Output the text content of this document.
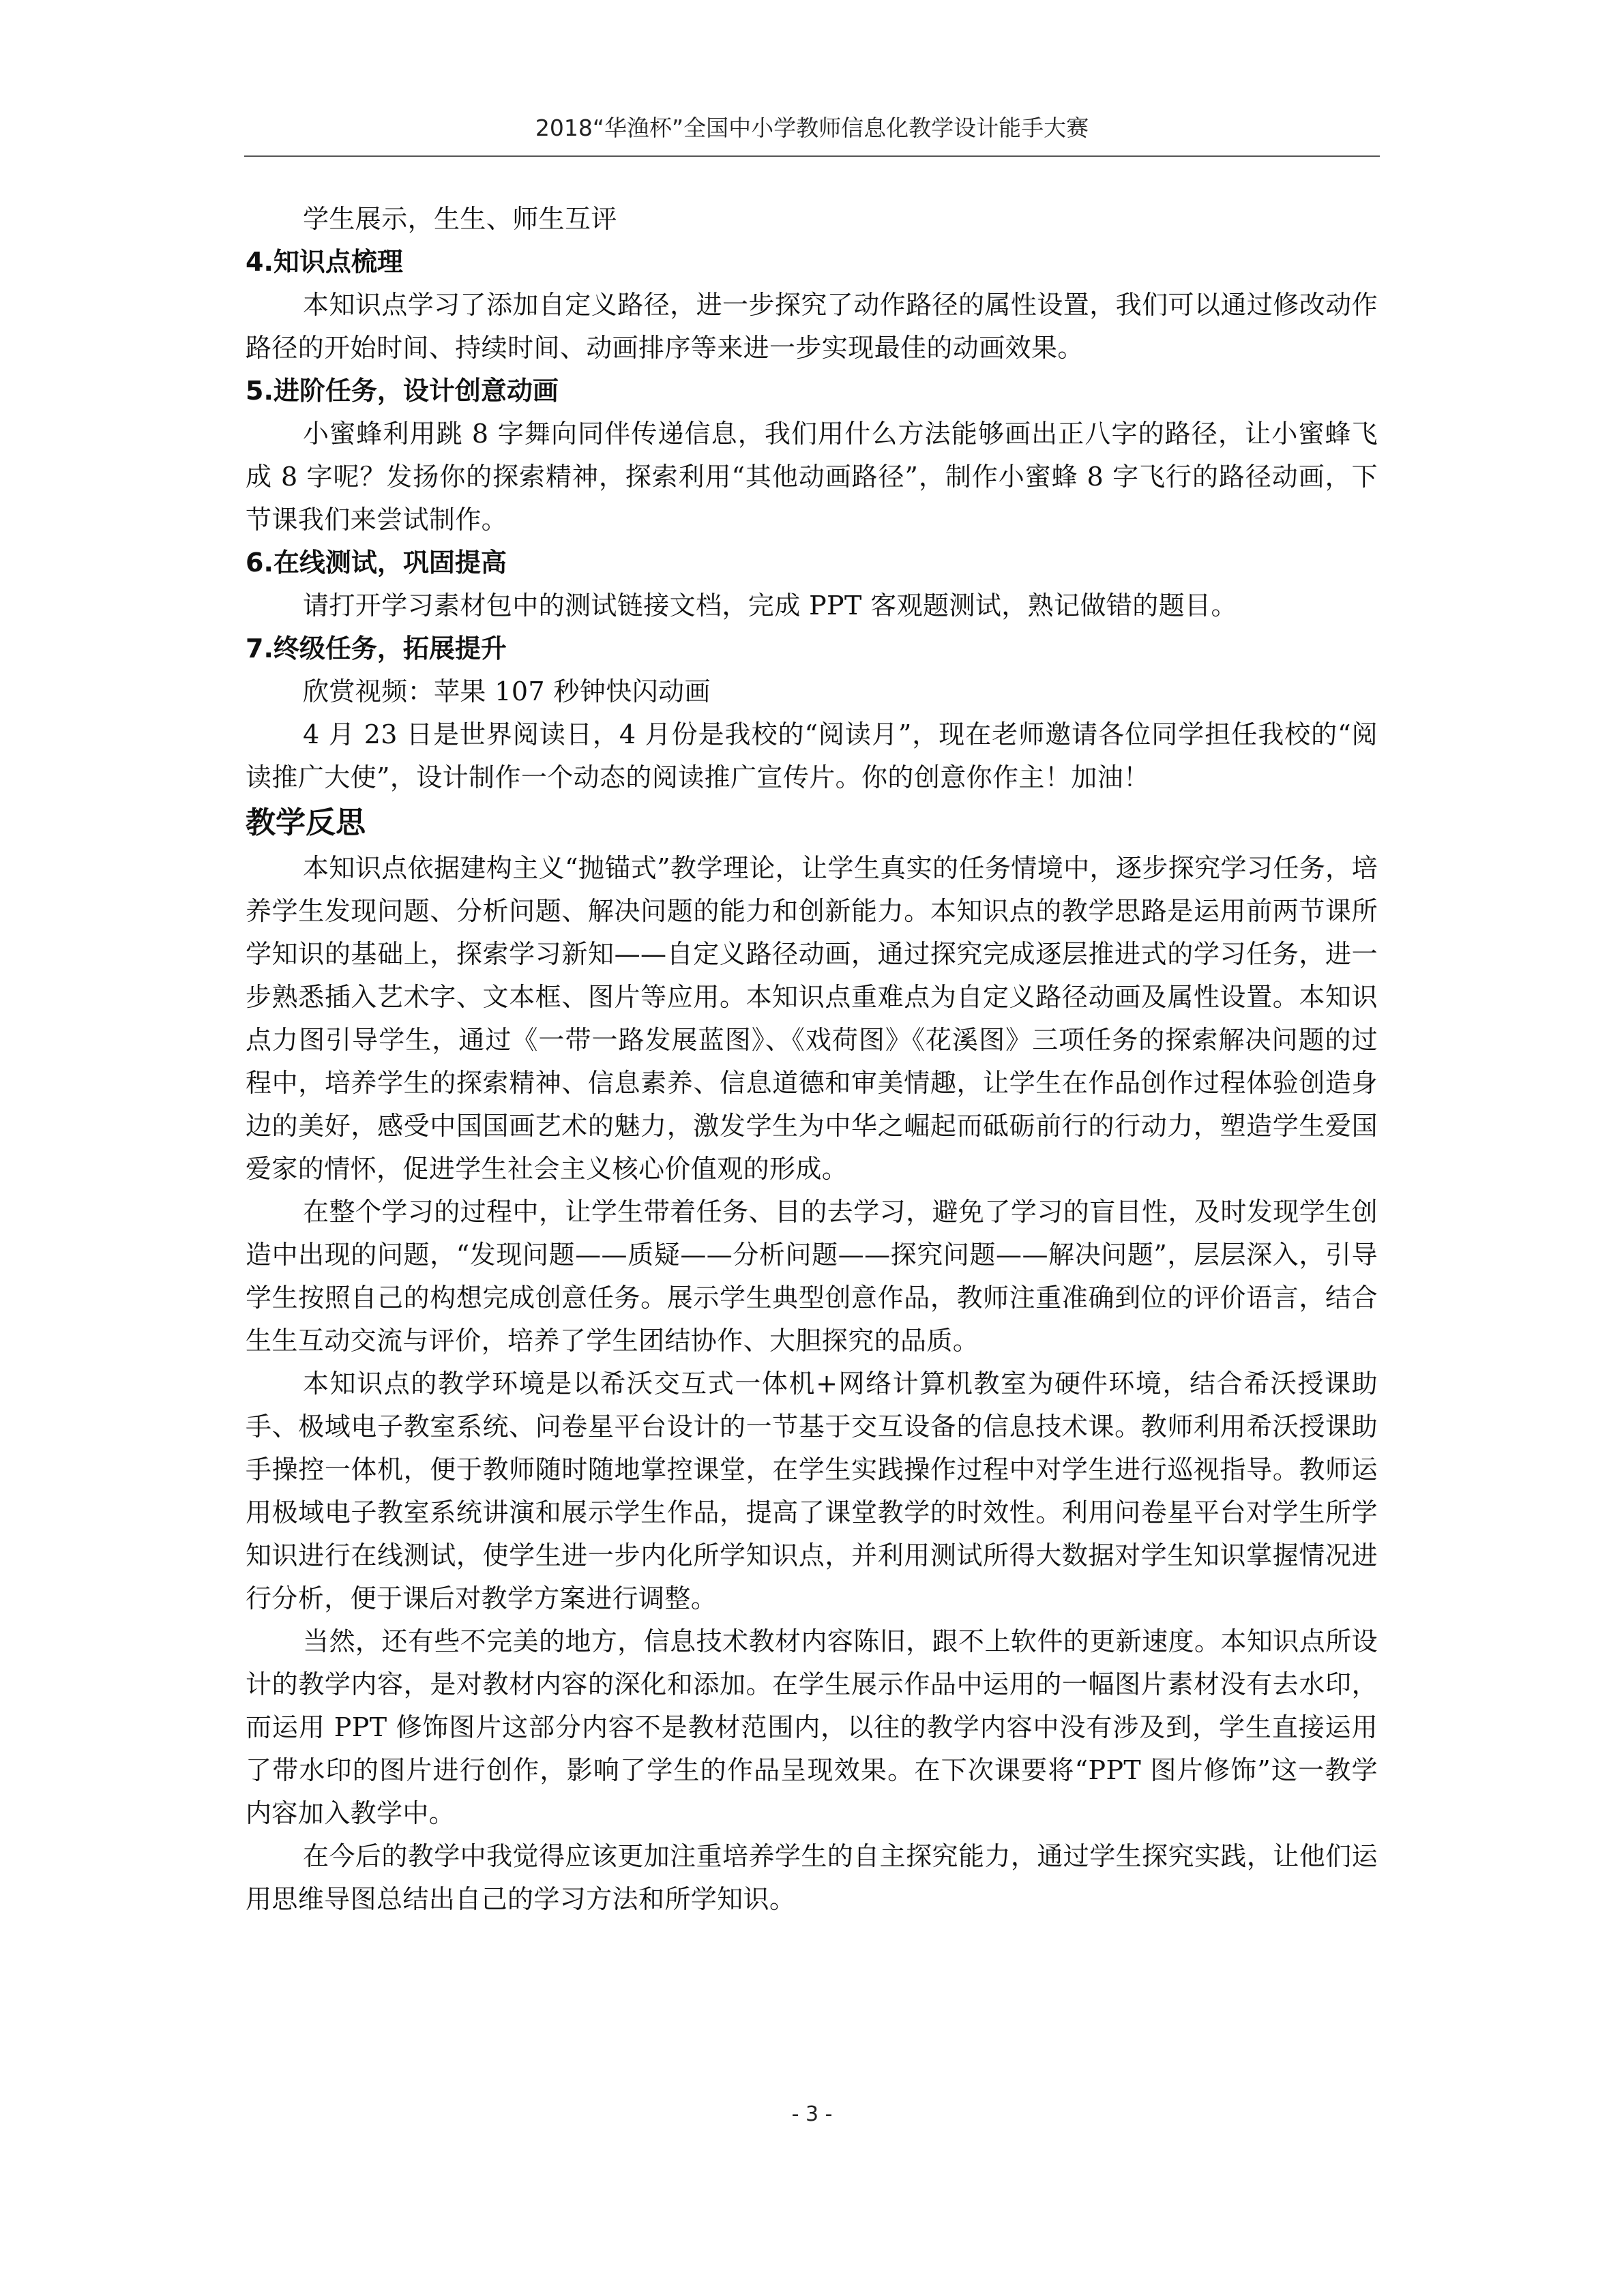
2018“华渔杯”全国中小学教师信息化教学设计能手大赛

学生展示，生生、师生互评

4.知识点梳理

本知识点学习了添加自定义路径，进一步探究了动作路径的属性设置，我们可以通过修改动作路径的开始时间、持续时间、动画排序等来进一步实现最佳的动画效果。

5.进阶任务，设计创意动画

小蜜蜂利用跳 8 字舞向同伴传递信息，我们用什么方法能够画出正八字的路径，让小蜜蜂飞成 8 字呢？发扬你的探索精神，探索利用“其他动画路径”，制作小蜜蜂 8 字飞行的路径动画，下节课我们来尝试制作。

6.在线测试，巩固提高

请打开学习素材包中的测试链接文档，完成 PPT 客观题测试，熟记做错的题目。

7.终级任务，拓展提升

欣赏视频：苹果 107 秒钟快闪动画

4 月 23 日是世界阅读日，4 月份是我校的“阅读月”，现在老师邀请各位同学担任我校的“阅读推广大使”，设计制作一个动态的阅读推广宣传片。你的创意你作主！加油！

教学反思

本知识点依据建构主义“抛锚式”教学理论，让学生真实的任务情境中，逐步探究学习任务，培养学生发现问题、分析问题、解决问题的能力和创新能力。本知识点的教学思路是运用前两节课所学知识的基础上，探索学习新知——自定义路径动画，通过探究完成逐层推进式的学习任务，进一步熟悉插入艺术字、文本框、图片等应用。本知识点重难点为自定义路径动画及属性设置。本知识点力图引导学生，通过《一带一路发展蓝图》、《戏荷图》《花溪图》三项任务的探索解决问题的过程中，培养学生的探索精神、信息素养、信息道德和审美情趣，让学生在作品创作过程体验创造身边的美好，感受中国国画艺术的魅力，激发学生为中华之崛起而砥砺前行的行动力，塑造学生爱国爱家的情怀，促进学生社会主义核心价值观的形成。

在整个学习的过程中，让学生带着任务、目的去学习，避免了学习的盲目性，及时发现学生创造中出现的问题，“发现问题——质疑——分析问题——探究问题——解决问题”，层层深入，引导学生按照自己的构想完成创意任务。展示学生典型创意作品，教师注重准确到位的评价语言，结合生生互动交流与评价，培养了学生团结协作、大胆探究的品质。

本知识点的教学环境是以希沃交互式一体机+网络计算机教室为硬件环境，结合希沃授课助手、极域电子教室系统、问卷星平台设计的一节基于交互设备的信息技术课。教师利用希沃授课助手操控一体机，便于教师随时随地掌控课堂，在学生实践操作过程中对学生进行巡视指导。教师运用极域电子教室系统讲演和展示学生作品，提高了课堂教学的时效性。利用问卷星平台对学生所学知识进行在线测试，使学生进一步内化所学知识点，并利用测试所得大数据对学生知识掌握情况进行分析，便于课后对教学方案进行调整。

当然，还有些不完美的地方，信息技术教材内容陈旧，跟不上软件的更新速度。本知识点所设计的教学内容，是对教材内容的深化和添加。在学生展示作品中运用的一幅图片素材没有去水印，而运用 PPT 修饰图片这部分内容不是教材范围内，以往的教学内容中没有涉及到，学生直接运用了带水印的图片进行创作，影响了学生的作品呈现效果。在下次课要将“PPT 图片修饰”这一教学内容加入教学中。

在今后的教学中我觉得应该更加注重培养学生的自主探究能力，通过学生探究实践，让他们运用思维导图总结出自己的学习方法和所学知识。

- 3 -
